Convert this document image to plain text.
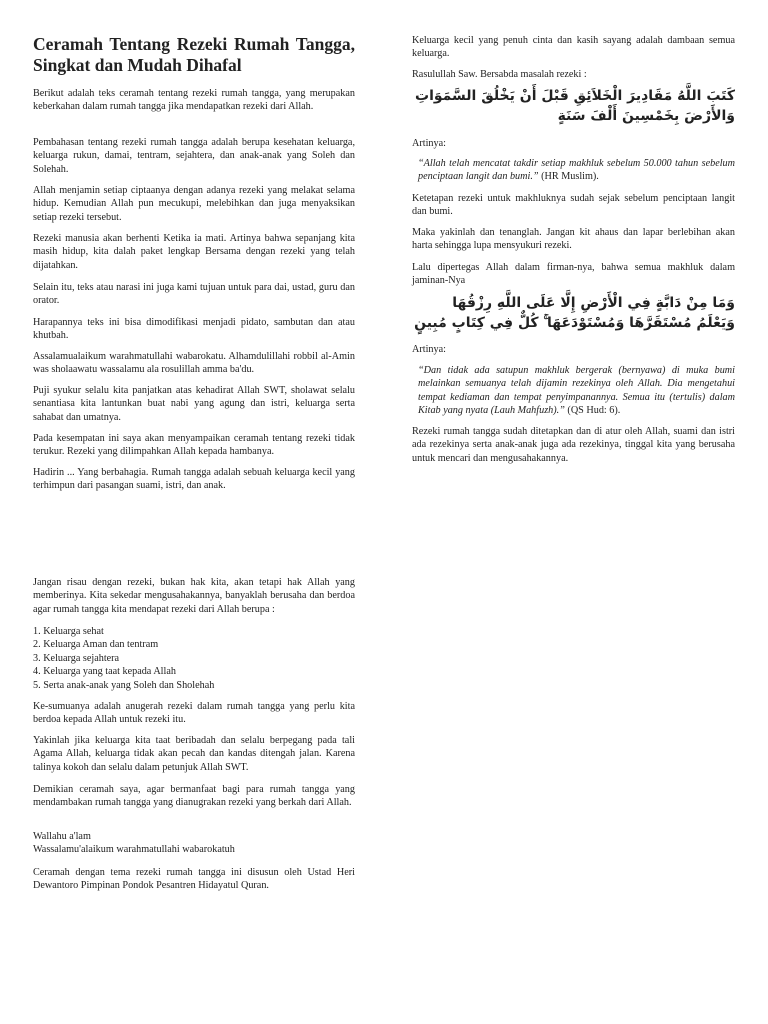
Ceramah Tentang Rezeki Rumah Tangga, Singkat dan Mudah Dihafal

Berikut adalah teks ceramah tentang rezeki rumah tangga, yang merupakan keberkahan dalam rumah tangga jika mendapatkan rezeki dari Allah.

Pembahasan tentang rezeki rumah tangga adalah berupa kesehatan keluarga, keluarga rukun, damai, tentram, sejahtera, dan anak-anak yang Soleh dan Solehah.

Allah menjamin setiap ciptaanya dengan adanya rezeki yang melakat selama hidup. Kemudian Allah pun mecukupi, melebihkan dan juga menyaksikan setiap rezeki tersebut.

Rezeki manusia akan berhenti Ketika ia mati. Artinya bahwa sepanjang kita masih hidup, kita dalah paket lengkap Bersama dengan rezeki yang telah dijatahkan.

Selain itu, teks atau narasi ini juga kami tujuan untuk para dai, ustad, guru dan orator.

Harapannya teks ini bisa dimodifikasi menjadi pidato, sambutan dan atau khutbah.

Assalamualaikum warahmatullahi wabarokatu. Alhamdulillahi robbil al-Amin was sholaawatu wassalamu ala rosulillah amma ba'du.

Puji syukur selalu kita panjatkan atas kehadirat Allah SWT, sholawat selalu senantiasa kita lantunkan buat nabi yang agung dan istri, keluarga serta sahabat dan umatnya.

Pada kesempatan ini saya akan menyampaikan ceramah tentang rezeki tidak terukur. Rezeki yang dilimpahkan Allah kepada hambanya.

Hadirin ... Yang berbahagia. Rumah tangga adalah sebuah keluarga kecil yang terhimpun dari pasangan suami, istri, dan anak.

Jangan risau dengan rezeki, bukan hak kita, akan tetapi hak Allah yang memberinya. Kita sekedar mengusahakannya, banyaklah berusaha dan berdoa agar rumah tangga kita mendapat rezeki dari Allah berupa :

1. Keluarga sehat
2. Keluarga Aman dan tentram
3. Keluarga sejahtera
4. Keluarga yang taat kepada Allah
5. Serta anak-anak yang Soleh dan Sholehah

Ke-sumuanya adalah anugerah rezeki dalam rumah tangga yang perlu kita berdoa kepada Allah untuk rezeki itu.

Yakinlah jika keluarga kita taat beribadah dan selalu berpegang pada tali Agama Allah, keluarga tidak akan pecah dan kandas ditengah jalan. Karena talinya kokoh dan selalu dalam petunjuk Allah SWT.

Demikian ceramah saya, agar bermanfaat bagi para rumah tangga yang mendambakan rumah tangga yang dianugrakan rezeki yang berkah dari Allah.

Wallahu a'lam

Wassalamu'alaikum warahmatullahi wabarokatuh

Ceramah dengan tema rezeki rumah tangga ini disusun oleh Ustad Heri Dewantoro Pimpinan Pondok Pesantren Hidayatul Quran.

Keluarga kecil yang penuh cinta dan kasih sayang adalah dambaan semua keluarga.

Rasulullah Saw. Bersabda masalah rezeki :

كَتَبَ اللَّهُ مَقَادِيرَ الْخَلاَئِقِ قَبْلَ أَنْ يَخْلُقَ السَّمَوَاتِ وَالأَرْضَ بِخَمْسِينَ أَلْفَ سَنَةٍ

Artinya:

“Allah telah mencatat takdir setiap makhluk sebelum 50.000 tahun sebelum penciptaan langit dan bumi.” (HR Muslim).

Ketetapan rezeki untuk makhluknya sudah sejak sebelum penciptaan langit dan bumi.

Maka yakinlah dan tenanglah. Jangan kit ahaus dan lapar berlebihan akan harta sehingga lupa mensyukuri rezeki.

Lalu dipertegas Allah dalam firman-nya, bahwa semua makhluk dalam jaminan-Nya

وَمَا مِنْ دَابَّةٍ فِي الْأَرْضِ إِلَّا عَلَى اللَّهِ رِزْقُهَا وَيَعْلَمُ مُسْتَقَرَّهَا وَمُسْتَوْدَعَهَا ۚ كُلٌّ فِي كِتَابٍ مُبِينٍ

Artinya:

“Dan tidak ada satupun makhluk bergerak (bernyawa) di muka bumi melainkan semuanya telah dijamin rezekinya oleh Allah. Dia mengetahui tempat kediaman dan tempat penyimpanannya. Semua itu (tertulis) dalam Kitab yang nyata (Lauh Mahfuzh).” (QS Hud: 6).

Rezeki rumah tangga sudah ditetapkan dan di atur oleh Allah, suami dan istri ada rezekinya serta anak-anak juga ada rezekinya, tinggal kita yang berusaha untuk mencari dan mengusahakannya.
